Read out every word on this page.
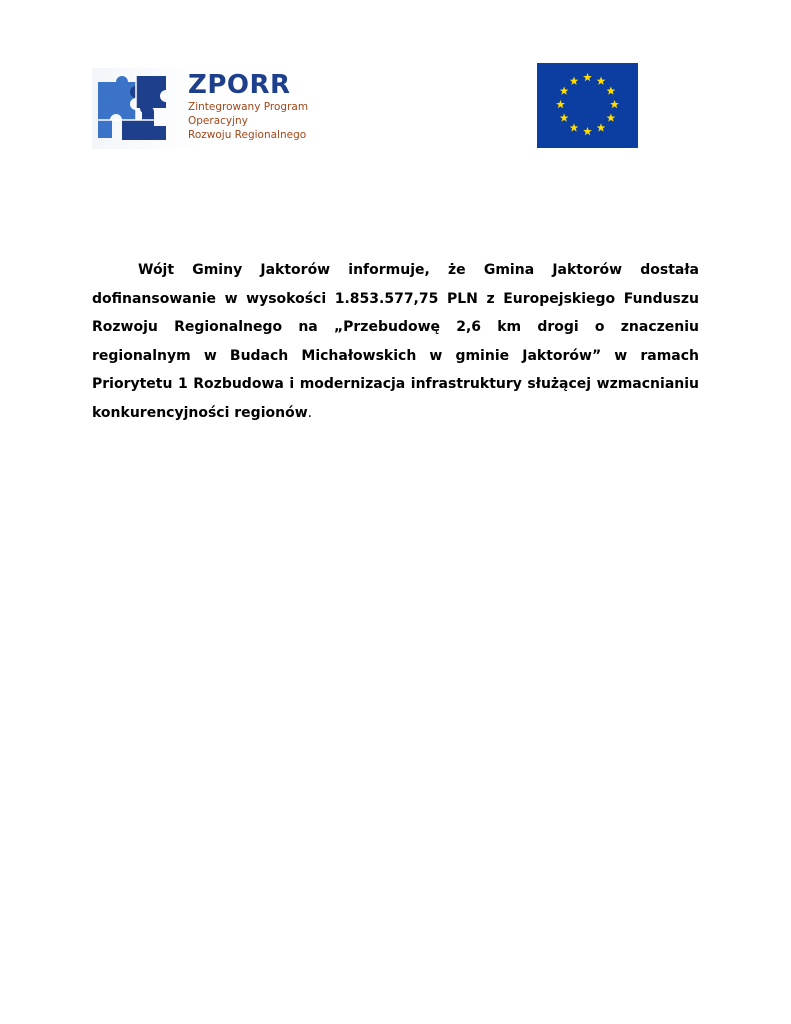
ZPORR
Zintegrowany Program
Operacyjny
Rozwoju Regionalnego

Wójt Gminy Jaktorów informuje, że Gmina Jaktorów dostała dofinansowanie w wysokości 1.853.577,75 PLN z Europejskiego Funduszu Rozwoju Regionalnego na „Przebudowę 2,6 km drogi o znaczeniu regionalnym w Budach Michałowskich w gminie Jaktorów” w ramach Priorytetu 1 Rozbudowa i modernizacja infrastruktury służącej wzmacnianiu konkurencyjności regionów.
